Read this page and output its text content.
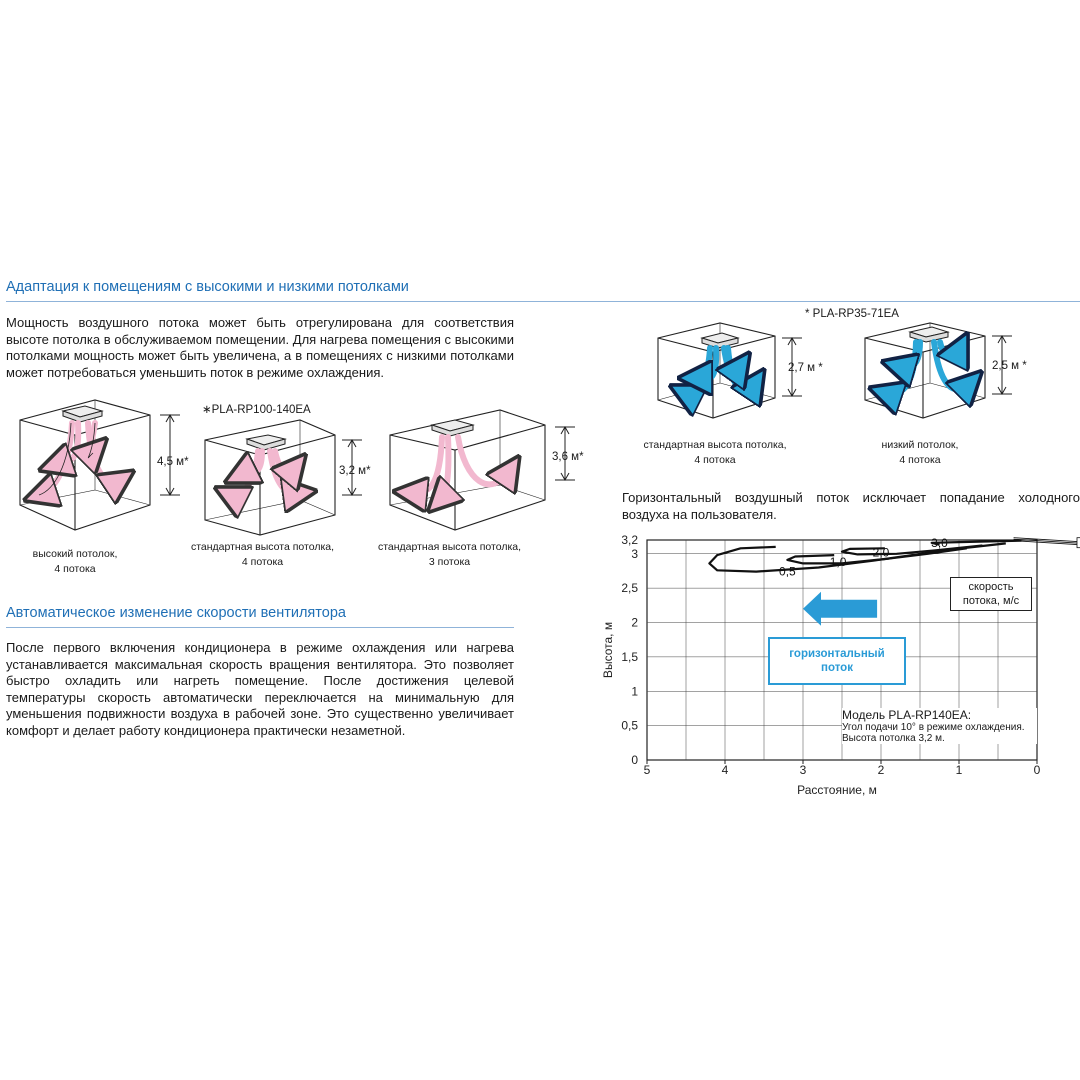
Адаптация к помещениям с высокими и низкими потолками
Мощность воздушного потока может быть отрегулирована для соответствия высоте потолка в обслуживаемом помещении. Для нагрева помещения с высокими потолками мощность может быть увеличена, а в помещениях с низкими потолками может потребоваться уменьшить поток в режиме охлаждения.
∗PLA-RP100-140EA
4,5 м*
3,2 м*
3,6 м*
высокий потолок,
4 потока
стандартная высота потолка,
4 потока
стандартная высота потолка,
3 потока
Автоматическое изменение скорости вентилятора
После первого включения кондиционера в режиме охлаждения или нагрева устанавливается максимальная скорость вращения вентилятора. Это позволяет быстро охладить или нагреть помещение. После достижения целевой температуры скорость автоматически переключается на минимальную для уменьшения подвижности воздуха в рабочей зоне. Это существенно увеличивает комфорт и делает работу кондиционера практически незаметной.
* PLA-RP35-71EA
2,7 м *	2,5 м *
стандартная высота потолка,
4 потока
низкий потолок,
4 потока
Горизонтальный воздушный поток исключает попадание холодного воздуха на пользователя.
5	4	3	2	1	0
0
0,5
1
1,5
2
2,5
3
3,2
Расстояние, м
Высота, м
0,5
1,0
2,0
3,0
скорость потока, м/с
горизонтальный поток
Модель PLA-RP140EA:
Угол подачи 10° в режиме охлаждения.
Высота потолка 3,2 м.
